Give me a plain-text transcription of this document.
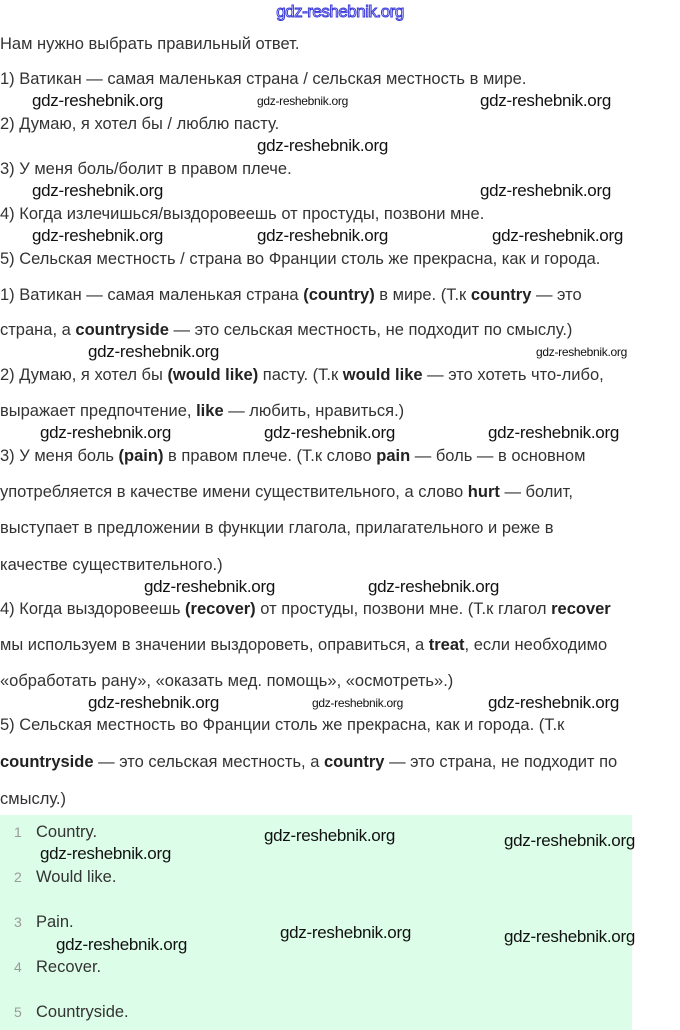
gdz-reshebnik.org
Нам нужно выбрать правильный ответ.
1) Ватикан — самая маленькая страна / сельская местность в мире.
2) Думаю, я хотел бы / люблю пасту.
3) У меня боль/болит в правом плече.
4) Когда излечишься/выздоровеешь от простуды, позвони мне.
5) Сельская местность / страна во Франции столь же прекрасна, как и города.
1) Ватикан — самая маленькая страна (country) в мире. (Т.к country — это
страна, а countryside — это сельская местность, не подходит по смыслу.)
2) Думаю, я хотел бы (would like) пасту. (Т.к would like — это хотеть что-либо,
выражает предпочтение, like — любить, нравиться.)
3) У меня боль (pain) в правом плече. (Т.к слово pain — боль — в основном
употребляется в качестве имени существительного, а слово hurt — болит,
выступает в предложении в функции глагола, прилагательного и реже в
качестве существительного.)
4) Когда выздоровеешь (recover) от простуды, позвони мне. (Т.к глагол recover
мы используем в значении выздороветь, оправиться, а treat, если необходимо
«обработать рану», «оказать мед. помощь», «осмотреть».)
5) Сельская местность во Франции столь же прекрасна, как и города. (Т.к
countryside — это сельская местность, а country — это страна, не подходит по
смыслу.)
1 Country.
2 Would like.
3 Pain.
4 Recover.
5 Countryside.
gdz-reshebnik.org	gdz-reshebnik.org	gdz-reshebnik.org
gdz-reshebnik.org
gdz-reshebnik.org	gdz-reshebnik.org
gdz-reshebnik.org	gdz-reshebnik.org	gdz-reshebnik.org
gdz-reshebnik.org	gdz-reshebnik.org
gdz-reshebnik.org	gdz-reshebnik.org	gdz-reshebnik.org
gdz-reshebnik.org	gdz-reshebnik.org
gdz-reshebnik.org	gdz-reshebnik.org	gdz-reshebnik.org
gdz-reshebnik.org	gdz-reshebnik.org
gdz-reshebnik.org
gdz-reshebnik.org	gdz-reshebnik.org
gdz-reshebnik.org
